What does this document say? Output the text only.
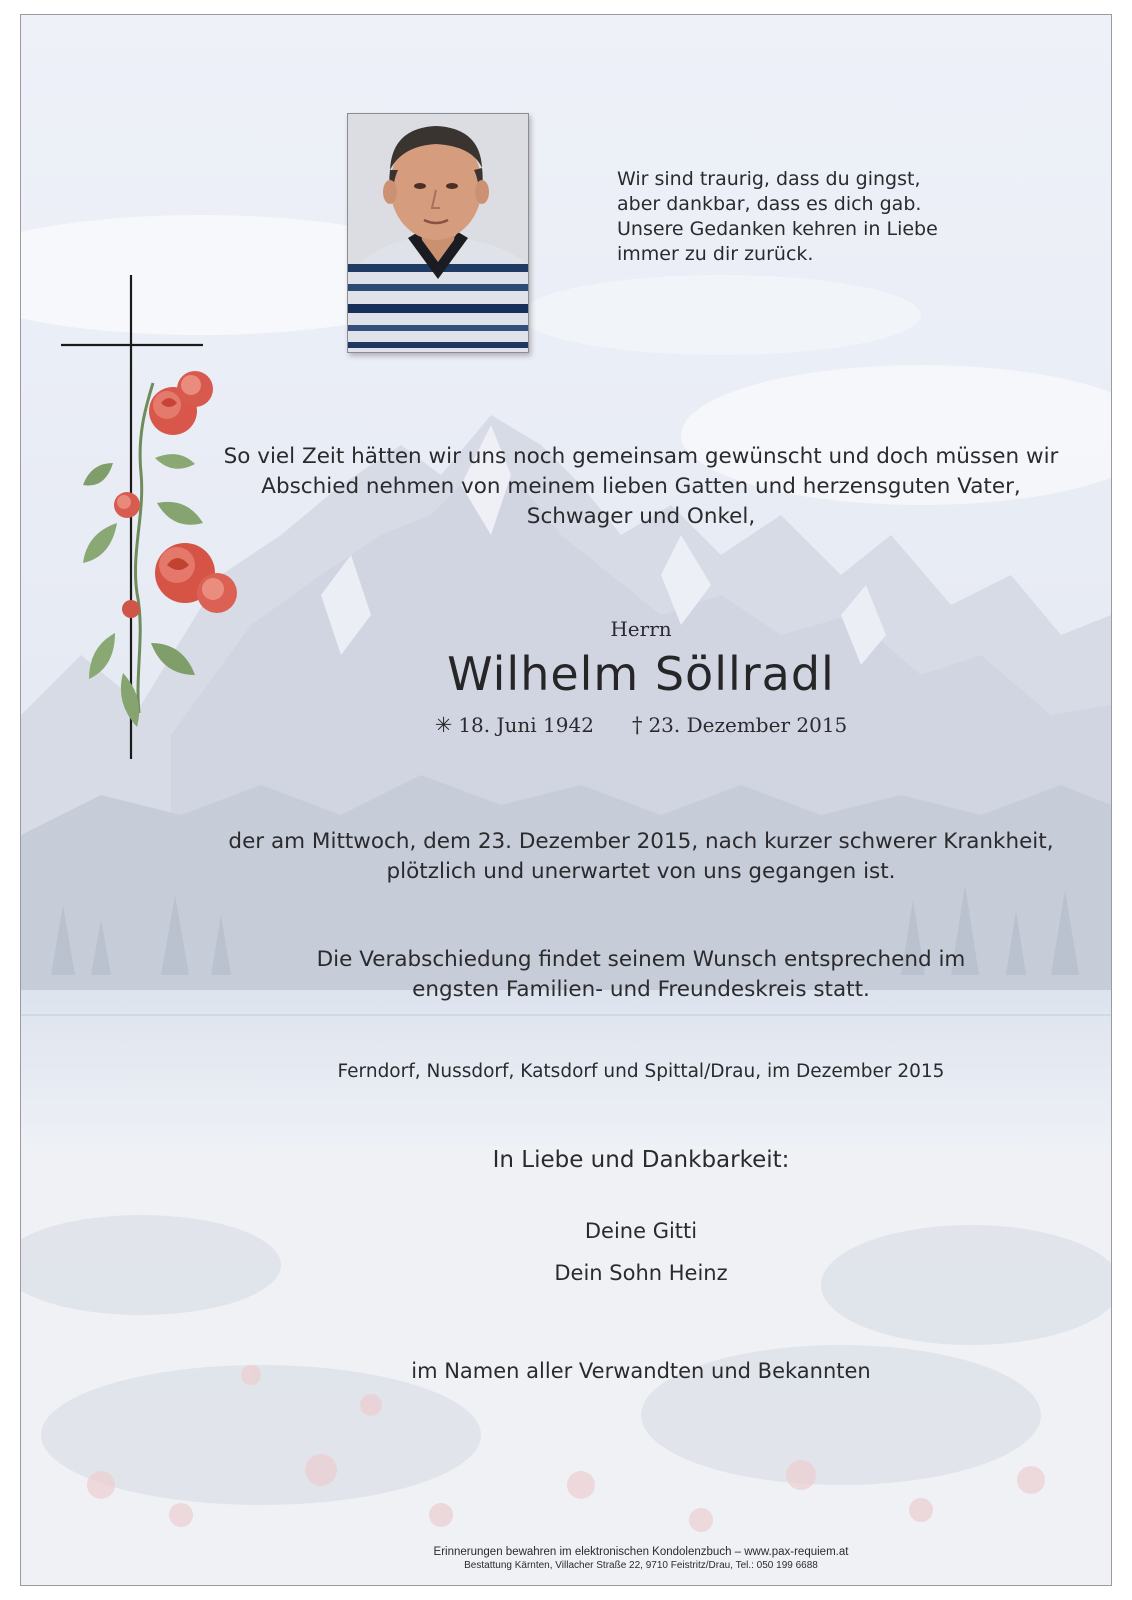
Wir sind traurig, dass du gingst,
aber dankbar, dass es dich gab.
Unsere Gedanken kehren in Liebe
immer zu dir zurück.

So viel Zeit hätten wir uns noch gemeinsam gewünscht und doch müssen wir
Abschied nehmen von meinem lieben Gatten und herzensguten Vater,
Schwager und Onkel,

Herrn
Wilhelm Söllradl
✳ 18. Juni 1942 † 23. Dezember 2015

der am Mittwoch, dem 23. Dezember 2015, nach kurzer schwerer Krankheit,
plötzlich und unerwartet von uns gegangen ist.

Die Verabschiedung findet seinem Wunsch entsprechend im
engsten Familien- und Freundeskreis statt.

Ferndorf, Nussdorf, Katsdorf und Spittal/Drau, im Dezember 2015
In Liebe und Dankbarkeit:
Deine Gitti
Dein Sohn Heinz
im Namen aller Verwandten und Bekannten
Erinnerungen bewahren im elektronischen Kondolenzbuch – www.pax-requiem.at
Bestattung Kärnten, Villacher Straße 22, 9710 Feistritz/Drau, Tel.: 050 199 6688
